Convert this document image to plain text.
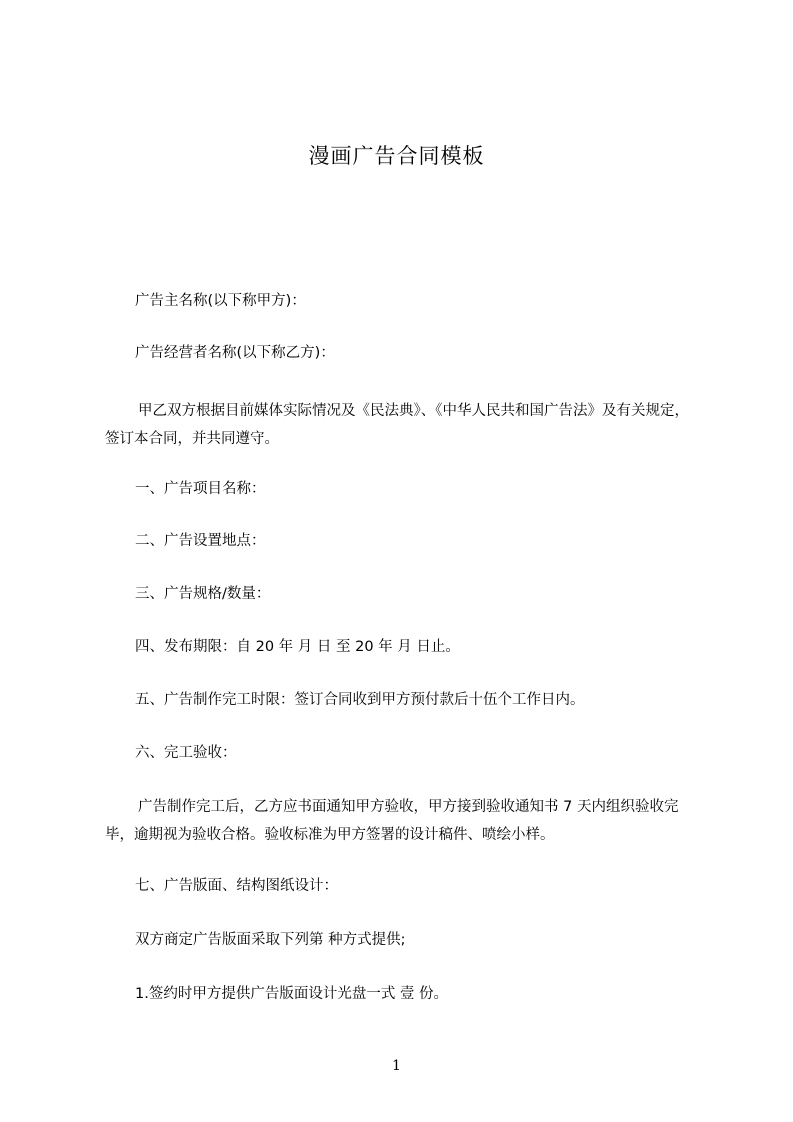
漫画广告合同模板

广告主名称(以下称甲方)：

广告经营者名称(以下称乙方)：

甲乙双方根据目前媒体实际情况及《民法典》、《中华人民共和国广告法》及有关规定，签订本合同，并共同遵守。

一、广告项目名称：

二、广告设置地点：

三、广告规格/数量：

四、发布期限：自 20 年 月 日 至 20 年 月 日止。

五、广告制作完工时限：签订合同收到甲方预付款后十伍个工作日内。

六、完工验收：

广告制作完工后，乙方应书面通知甲方验收，甲方接到验收通知书 7 天内组织验收完毕，逾期视为验收合格。验收标准为甲方签署的设计稿件、喷绘小样。

七、广告版面、结构图纸设计：

双方商定广告版面采取下列第 种方式提供;

1.签约时甲方提供广告版面设计光盘一式 壹 份。

1
